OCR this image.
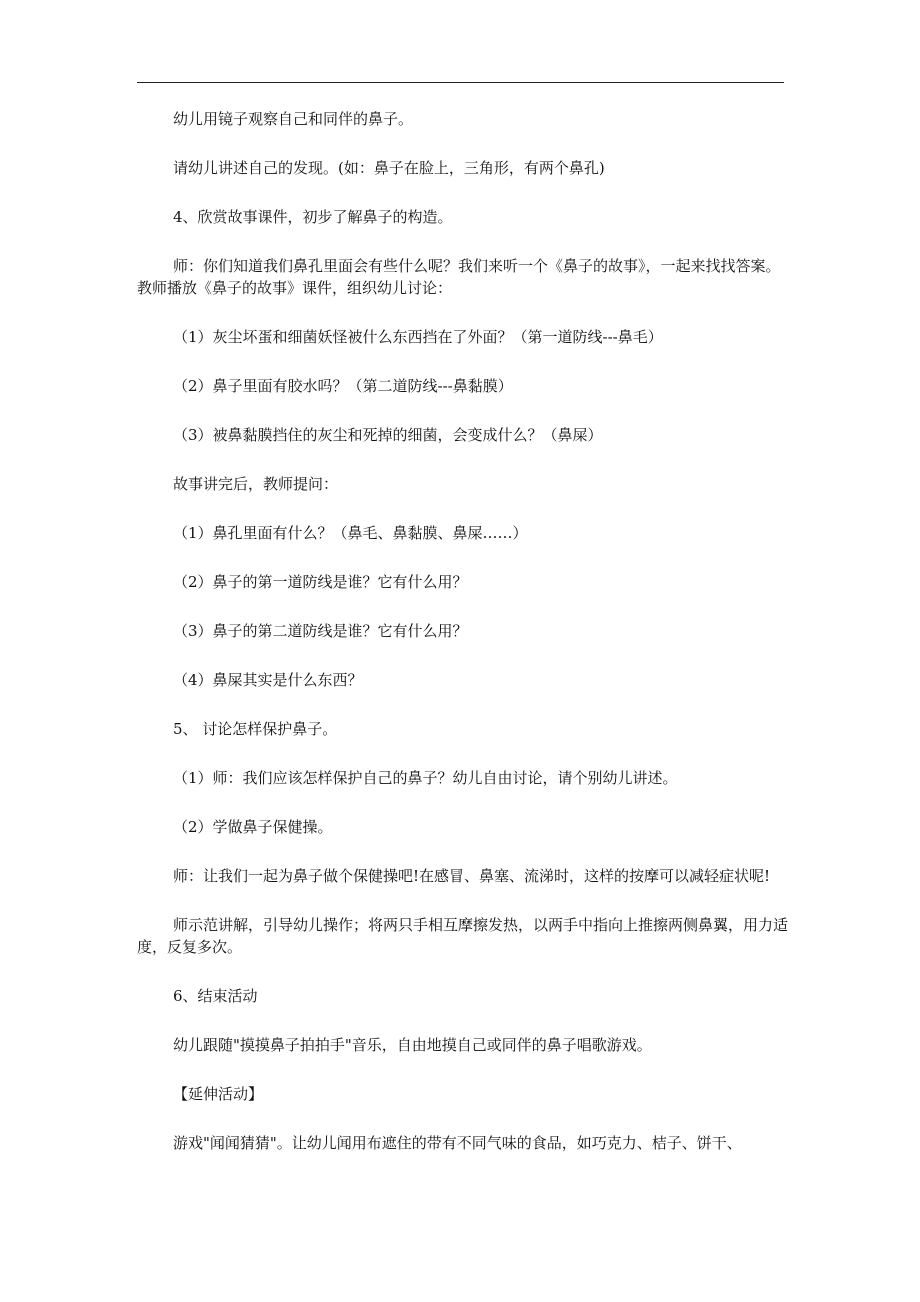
幼儿用镜子观察自己和同伴的鼻子。

请幼儿讲述自己的发现。(如：鼻子在脸上，三角形，有两个鼻孔)

4、欣赏故事课件，初步了解鼻子的构造。

师：你们知道我们鼻孔里面会有些什么呢？我们来听一个《鼻子的故事》，一起来找找答案。 教师播放《鼻子的故事》课件，组织幼儿讨论：

（1）灰尘坏蛋和细菌妖怪被什么东西挡在了外面？（第一道防线---鼻毛）

（2）鼻子里面有胶水吗？（第二道防线---鼻黏膜）

（3）被鼻黏膜挡住的灰尘和死掉的细菌，会变成什么？（鼻屎）

故事讲完后，教师提问：

（1）鼻孔里面有什么？（鼻毛、鼻黏膜、鼻屎……）

（2）鼻子的第一道防线是谁？它有什么用？

（3）鼻子的第二道防线是谁？它有什么用？

（4）鼻屎其实是什么东西？

5、 讨论怎样保护鼻子。

（1）师：我们应该怎样保护自己的鼻子？幼儿自由讨论，请个别幼儿讲述。

（2）学做鼻子保健操。

师：让我们一起为鼻子做个保健操吧!在感冒、鼻塞、流涕时，这样的按摩可以减轻症状呢!

师示范讲解，引导幼儿操作；将两只手相互摩擦发热，以两手中指向上推擦两侧鼻翼，用力适度，反复多次。

6、结束活动

幼儿跟随"摸摸鼻子拍拍手"音乐，自由地摸自己或同伴的鼻子唱歌游戏。

【延伸活动】

游戏"闻闻猜猜"。让幼儿闻用布遮住的带有不同气味的食品，如巧克力、桔子、饼干、
